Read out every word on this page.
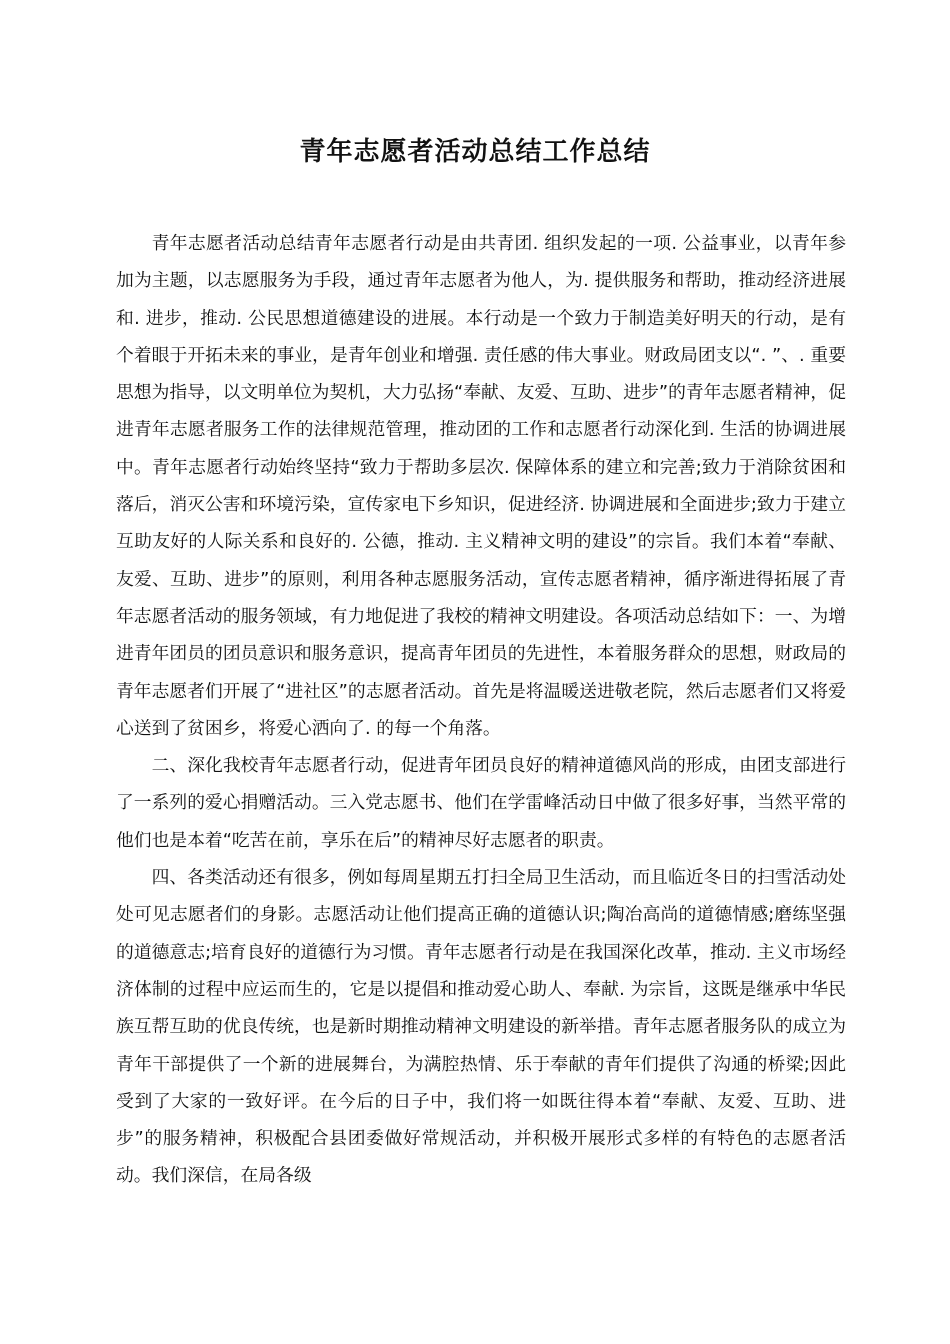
青年志愿者活动总结工作总结

青年志愿者活动总结青年志愿者行动是由共青团. 组织发起的一项. 公益事业，以青年参加为主题，以志愿服务为手段，通过青年志愿者为他人，为. 提供服务和帮助，推动经济进展和. 进步，推动. 公民思想道德建设的进展。本行动是一个致力于制造美好明天的行动，是有个着眼于开拓未来的事业，是青年创业和增强. 责任感的伟大事业。财政局团支以“. ”、. 重要思想为指导，以文明单位为契机，大力弘扬“奉献、友爱、互助、进步”的青年志愿者精神，促进青年志愿者服务工作的法律规范管理，推动团的工作和志愿者行动深化到. 生活的协调进展中。青年志愿者行动始终坚持“致力于帮助多层次. 保障体系的建立和完善;致力于消除贫困和落后，消灭公害和环境污染，宣传家电下乡知识，促进经济. 协调进展和全面进步;致力于建立互助友好的人际关系和良好的. 公德，推动. 主义精神文明的建设”的宗旨。我们本着“奉献、友爱、互助、进步”的原则，利用各种志愿服务活动，宣传志愿者精神，循序渐进得拓展了青年志愿者活动的服务领域，有力地促进了我校的精神文明建设。各项活动总结如下：一、为增进青年团员的团员意识和服务意识，提高青年团员的先进性，本着服务群众的思想，财政局的青年志愿者们开展了“进社区”的志愿者活动。首先是将温暖送进敬老院，然后志愿者们又将爱心送到了贫困乡，将爱心洒向了. 的每一个角落。

二、深化我校青年志愿者行动，促进青年团员良好的精神道德风尚的形成，由团支部进行了一系列的爱心捐赠活动。三入党志愿书、他们在学雷峰活动日中做了很多好事，当然平常的他们也是本着“吃苦在前，享乐在后”的精神尽好志愿者的职责。

四、各类活动还有很多，例如每周星期五打扫全局卫生活动，而且临近冬日的扫雪活动处处可见志愿者们的身影。志愿活动让他们提高正确的道德认识;陶冶高尚的道德情感;磨练坚强的道德意志;培育良好的道德行为习惯。青年志愿者行动是在我国深化改革，推动. 主义市场经济体制的过程中应运而生的，它是以提倡和推动爱心助人、奉献. 为宗旨，这既是继承中华民族互帮互助的优良传统，也是新时期推动精神文明建设的新举措。青年志愿者服务队的成立为青年干部提供了一个新的进展舞台，为满腔热情、乐于奉献的青年们提供了沟通的桥梁;因此受到了大家的一致好评。在今后的日子中，我们将一如既往得本着“奉献、友爱、互助、进步”的服务精神，积极配合县团委做好常规活动，并积极开展形式多样的有特色的志愿者活动。我们深信，在局各级
